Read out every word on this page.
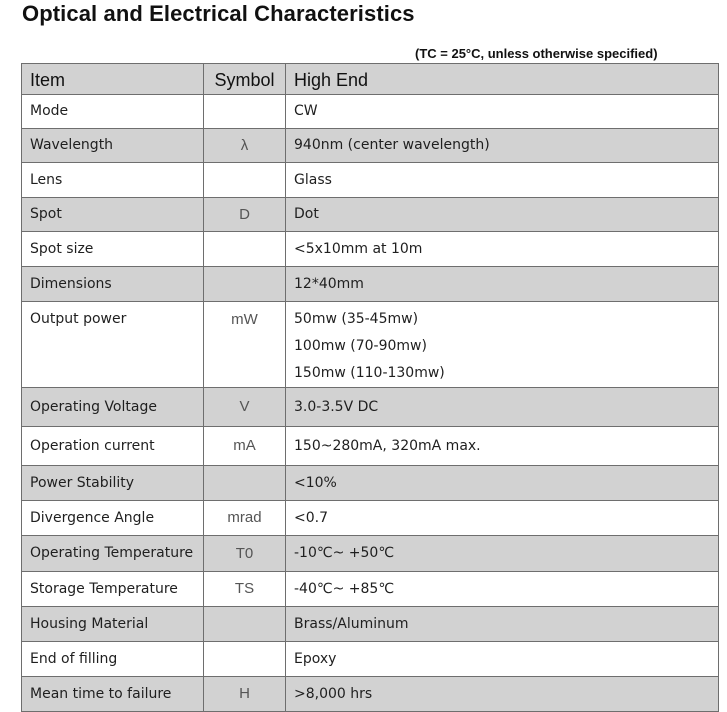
Optical and Electrical Characteristics
(TC = 25°C, unless otherwise specified)
Item	Symbol	High End
Mode		CW
Wavelength	λ	940nm (center wavelength)
Lens		Glass
Spot	D	Dot
Spot size		<5x10mm at 10m
Dimensions		12*40mm
Output power	mW	50mw (35-45mw)
100mw (70-90mw)
150mw (110-130mw)

Operating Voltage	V	3.0-3.5V DC
Operation current	mA	150~280mA, 320mA max.
Power Stability		<10%
Divergence Angle	mrad	<0.7
Operating Temperature	T0	-10℃~ +50℃
Storage Temperature	TS	-40℃~ +85℃
Housing Material		Brass/Aluminum
End of filling		Epoxy
Mean time to failure	H	>8,000 hrs
